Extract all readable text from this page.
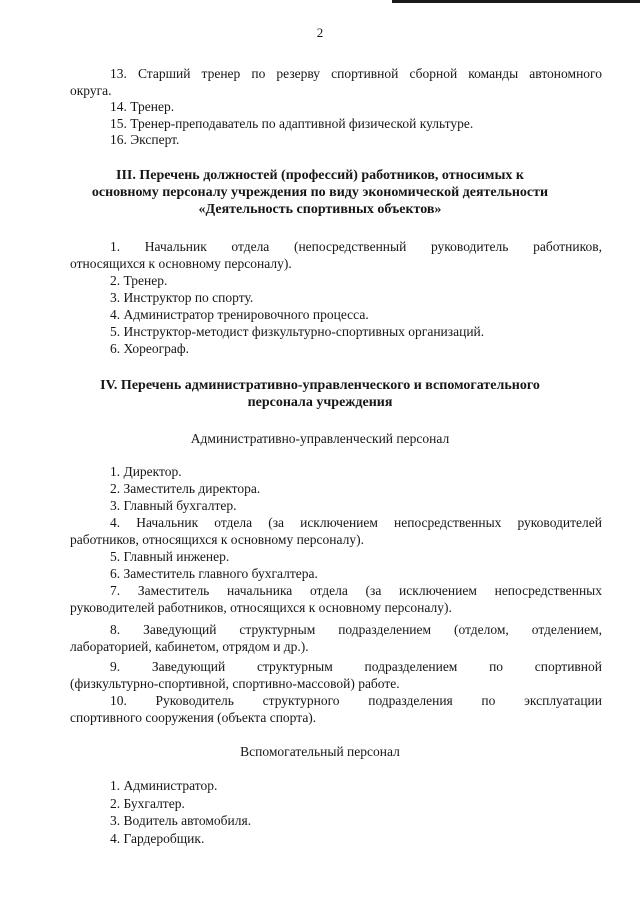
2
13. Старший тренер по резерву спортивной сборной команды автономного
округа.
14. Тренер.
15. Тренер-преподаватель по адаптивной физической культуре.
16. Эксперт.
III. Перечень должностей (профессий) работников, относимых к
основному персоналу учреждения по виду экономической деятельности
«Деятельность спортивных объектов»
1. Начальник отдела (непосредственный руководитель работников,
относящихся к основному персоналу).
2. Тренер.
3. Инструктор по спорту.
4. Администратор тренировочного процесса.
5. Инструктор-методист физкультурно-спортивных организаций.
6. Хореограф.
IV. Перечень административно-управленческого и вспомогательного
персонала учреждения
Административно-управленческий персонал
1. Директор.
2. Заместитель директора.
3. Главный бухгалтер.
4. Начальник отдела (за исключением непосредственных руководителей
работников, относящихся к основному персоналу).
5. Главный инженер.
6. Заместитель главного бухгалтера.
7. Заместитель начальника отдела (за исключением непосредственных
руководителей работников, относящихся к основному персоналу).
8. Заведующий структурным подразделением (отделом, отделением,
лабораторией, кабинетом, отрядом и др.).
9. Заведующий структурным подразделением по спортивной
(физкультурно-спортивной, спортивно-массовой) работе.
10. Руководитель структурного подразделения по эксплуатации
спортивного сооружения (объекта спорта).
Вспомогательный персонал
1. Администратор.
2. Бухгалтер.
3. Водитель автомобиля.
4. Гардеробщик.
